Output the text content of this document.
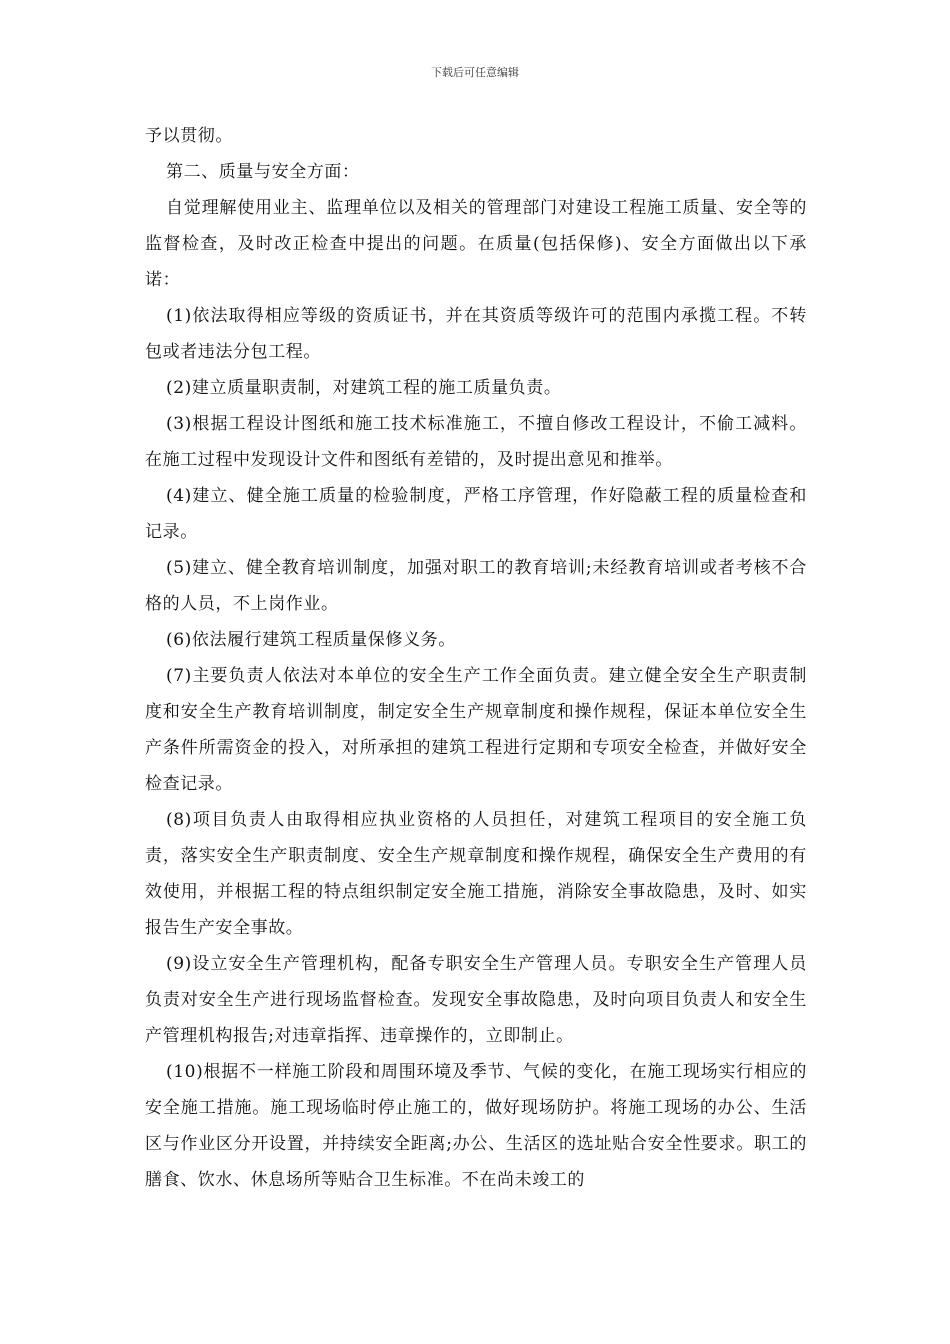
下载后可任意编辑

予以贯彻。

第二、质量与安全方面：

自觉理解使用业主、监理单位以及相关的管理部门对建设工程施工质量、安全等的监督检查，及时改正检查中提出的问题。在质量(包括保修)、安全方面做出以下承诺：

(1)依法取得相应等级的资质证书，并在其资质等级许可的范围内承揽工程。不转包或者违法分包工程。

(2)建立质量职责制，对建筑工程的施工质量负责。

(3)根据工程设计图纸和施工技术标准施工，不擅自修改工程设计，不偷工减料。在施工过程中发现设计文件和图纸有差错的，及时提出意见和推举。

(4)建立、健全施工质量的检验制度，严格工序管理，作好隐蔽工程的质量检查和记录。

(5)建立、健全教育培训制度，加强对职工的教育培训;未经教育培训或者考核不合格的人员，不上岗作业。

(6)依法履行建筑工程质量保修义务。

(7)主要负责人依法对本单位的安全生产工作全面负责。建立健全安全生产职责制度和安全生产教育培训制度，制定安全生产规章制度和操作规程，保证本单位安全生产条件所需资金的投入，对所承担的建筑工程进行定期和专项安全检查，并做好安全检查记录。

(8)项目负责人由取得相应执业资格的人员担任，对建筑工程项目的安全施工负责，落实安全生产职责制度、安全生产规章制度和操作规程，确保安全生产费用的有效使用，并根据工程的特点组织制定安全施工措施，消除安全事故隐患，及时、如实报告生产安全事故。

(9)设立安全生产管理机构，配备专职安全生产管理人员。专职安全生产管理人员负责对安全生产进行现场监督检查。发现安全事故隐患，及时向项目负责人和安全生产管理机构报告;对违章指挥、违章操作的，立即制止。

(10)根据不一样施工阶段和周围环境及季节、气候的变化，在施工现场实行相应的安全施工措施。施工现场临时停止施工的，做好现场防护。将施工现场的办公、生活区与作业区分开设置，并持续安全距离;办公、生活区的选址贴合安全性要求。职工的膳食、饮水、休息场所等贴合卫生标准。不在尚未竣工的
